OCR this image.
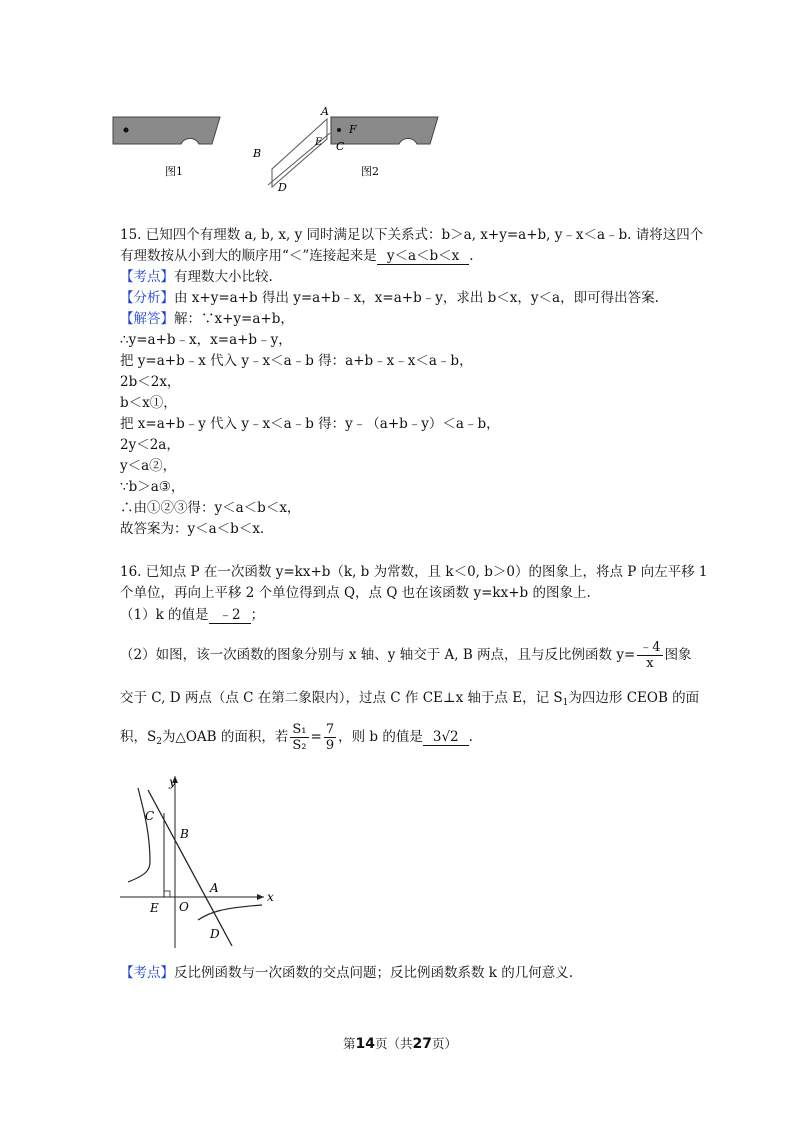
图1
A
B
C
D
E
F
图2
15. 已知四个有理数 a, b, x, y 同时满足以下关系式：b＞a, x+y=a+b, y﹣x＜a﹣b. 请将这四个
有理数按从小到大的顺序用“＜”连接起来是 y＜a＜b＜x .
【考点】有理数大小比较.
【分析】由 x+y=a+b 得出 y=a+b﹣x，x=a+b﹣y，求出 b＜x，y＜a，即可得出答案.
【解答】解：∵x+y=a+b，
∴y=a+b﹣x，x=a+b﹣y，
把 y=a+b﹣x 代入 y﹣x＜a﹣b 得：a+b﹣x﹣x＜a﹣b，
2b＜2x，
b＜x①，
把 x=a+b﹣y 代入 y﹣x＜a﹣b 得：y﹣（a+b﹣y）＜a﹣b，
2y＜2a，
y＜a②，
∵b＞a③，
∴由①②③得：y＜a＜b＜x，
故答案为：y＜a＜b＜x.
16. 已知点 P 在一次函数 y=kx+b（k, b 为常数，且 k＜0, b＞0）的图象上，将点 P 向左平移 1
个单位，再向上平移 2 个单位得到点 Q，点 Q 也在该函数 y=kx+b 的图象上.
（1）k 的值是 ﹣2 ；
（2）如图，该一次函数的图象分别与 x 轴、y 轴交于 A, B 两点，且与反比例函数 $y= \frac{﹣4}{x}$ 图象
交于 C, D 两点（点 C 在第二象限内），过点 C 作 CE⊥x 轴于点 E，记 $S_1$为四边形 CEOB 的面
积，$S_2$为△OAB 的面积，若 $\frac{\text{S₁}}{\text{S₂}} = \frac{7}{9}$ ，则 b 的值是 3√2 .
y
x
C
B
A
E O
D
【考点】反比例函数与一次函数的交点问题；反比例函数系数 k 的几何意义.
第14页（共27页）
